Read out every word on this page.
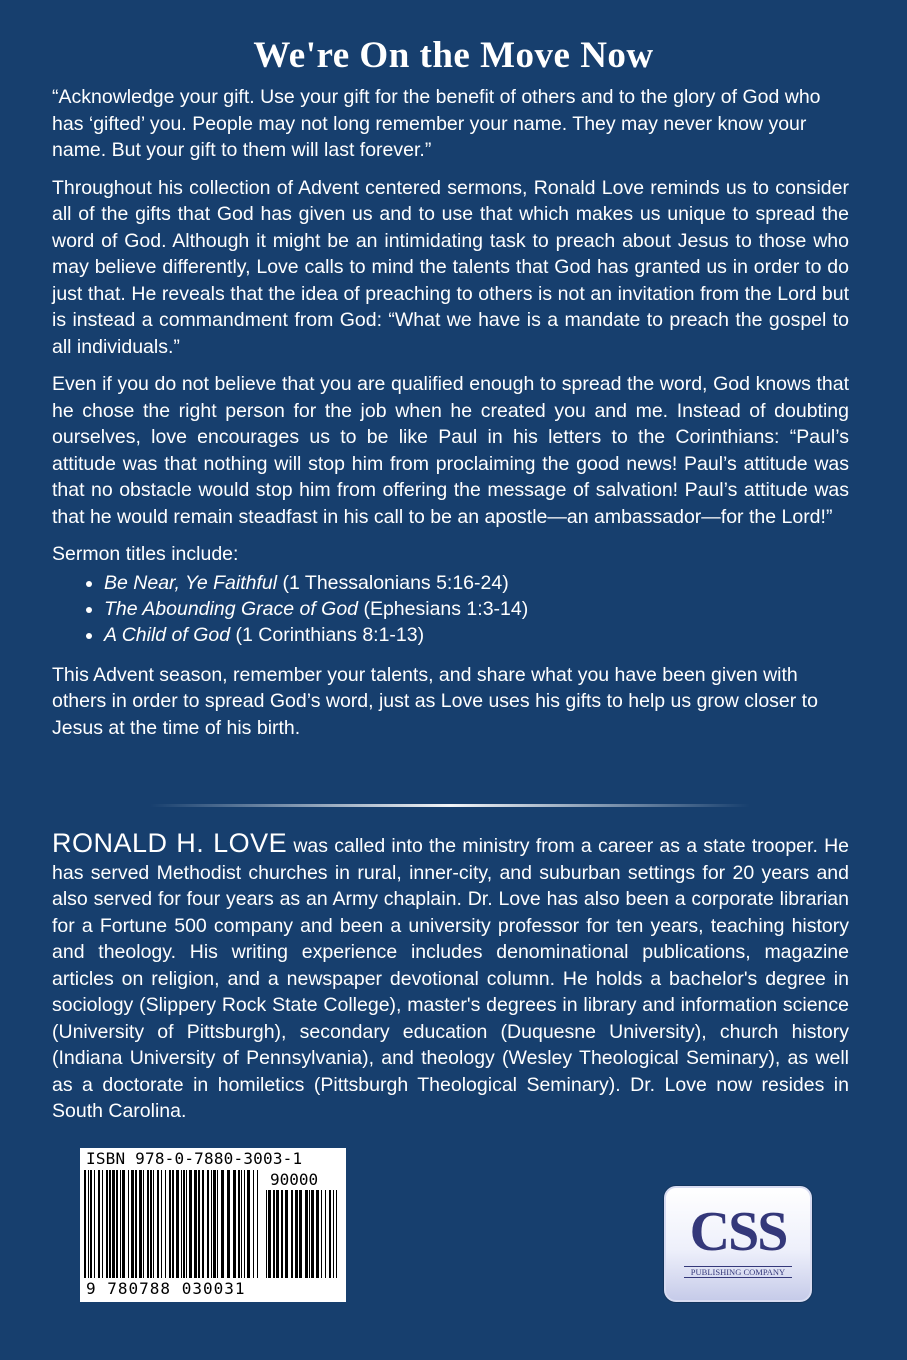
We're On the Move Now

“Acknowledge your gift. Use your gift for the benefit of others and to the glory of God who has ‘gifted’ you. People may not long remember your name. They may never know your name. But your gift to them will last forever.”

Throughout his collection of Advent centered sermons, Ronald Love reminds us to consider all of the gifts that God has given us and to use that which makes us unique to spread the word of God. Although it might be an intimidating task to preach about Jesus to those who may believe differently, Love calls to mind the talents that God has granted us in order to do just that. He reveals that the idea of preaching to others is not an invitation from the Lord but is instead a commandment from God: “What we have is a mandate to preach the gospel to all individuals.”

Even if you do not believe that you are qualified enough to spread the word, God knows that he chose the right person for the job when he created you and me. Instead of doubting ourselves, love encourages us to be like Paul in his letters to the Corinthians: “Paul’s attitude was that nothing will stop him from proclaiming the good news! Paul’s attitude was that no obstacle would stop him from offering the message of salvation! Paul’s attitude was that he would remain steadfast in his call to be an apostle—an ambassador—for the Lord!”

Sermon titles include:
• Be Near, Ye Faithful (1 Thessalonians 5:16-24)
• The Abounding Grace of God (Ephesians 1:3-14)
• A Child of God (1 Corinthians 8:1-13)

This Advent season, remember your talents, and share what you have been given with others in order to spread God’s word, just as Love uses his gifts to help us grow closer to Jesus at the time of his birth.

RONALD H. LOVE was called into the ministry from a career as a state trooper. He has served Methodist churches in rural, inner-city, and suburban settings for 20 years and also served for four years as an Army chaplain. Dr. Love has also been a corporate librarian for a Fortune 500 company and been a university professor for ten years, teaching history and theology. His writing experience includes denominational publications, magazine articles on religion, and a newspaper devotional column. He holds a bachelor's degree in sociology (Slippery Rock State College), master's degrees in library and information science (University of Pittsburgh), secondary education (Duquesne University), church history (Indiana University of Pennsylvania), and theology (Wesley Theological Seminary), as well as a doctorate in homiletics (Pittsburgh Theological Seminary). Dr. Love now resides in South Carolina.
ISBN 978-0-7880-3003-1
90000
9 780788 030031
CSS
PUBLISHING COMPANY
